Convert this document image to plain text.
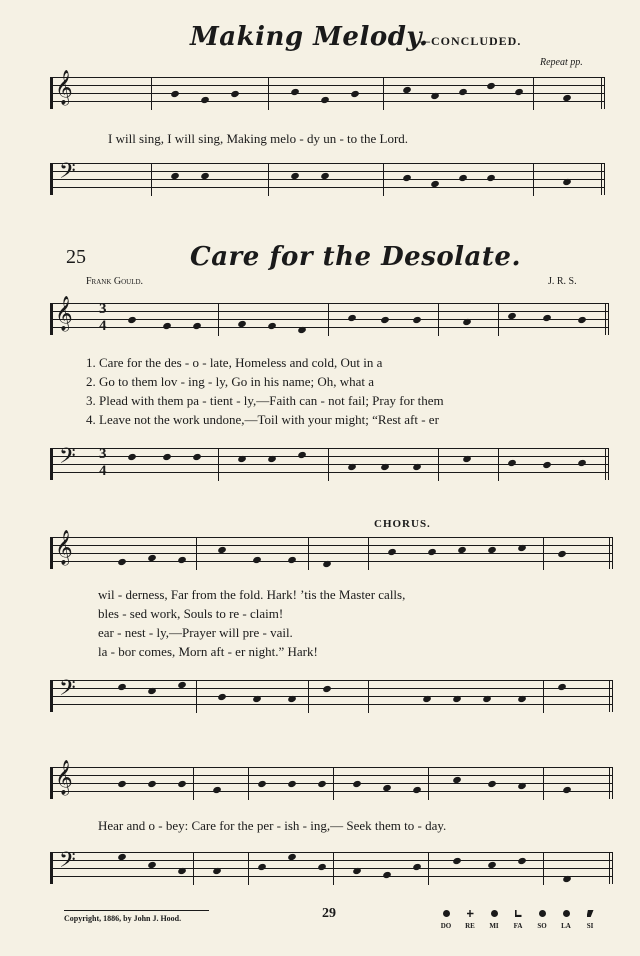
Making Melody.
—CONCLUDED.
Repeat pp.
𝄞
I will sing, I will sing, Making melo - dy un - to the Lord.
𝄢
25	Care for the Desolate.
Frank Gould.	J. R. S.
𝄞 3
4
1. Care for the des - o - late, Homeless and cold, Out in a
2. Go to them lov - ing - ly, Go in his name; Oh, what a
3. Plead with them pa - tient - ly,—Faith can - not fail; Pray for them
4. Leave not the work undone,—Toil with your might; “Rest aft - er
𝄢 3
4
CHORUS.
𝄞
wil - derness, Far from the fold. Hark! ’tis the Master calls,
bles - sed work, Souls to re - claim!
ear - nest - ly,—Prayer will pre - vail.
la - bor comes, Morn aft - er night.” Hark!
𝄢
𝄞
Hear and o - bey: Care for the per - ish - ing,— Seek them to - day.
𝄢
Copyright, 1886, by John J. Hood.	29
DO	RE	MI	FA	SO	LA	SI
